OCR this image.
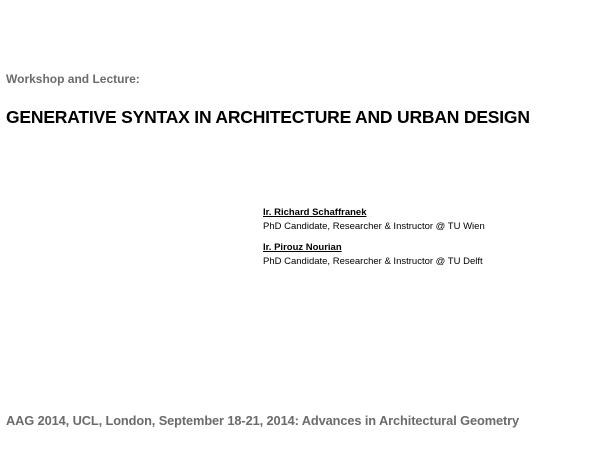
Workshop and Lecture:
GENERATIVE SYNTAX IN ARCHITECTURE AND URBAN DESIGN
Ir. Richard Schaffranek
PhD Candidate, Researcher & Instructor @ TU Wien
Ir. Pirouz Nourian
PhD Candidate, Researcher & Instructor @ TU Delft
AAG 2014, UCL, London, September 18-21, 2014: Advances in Architectural Geometry
